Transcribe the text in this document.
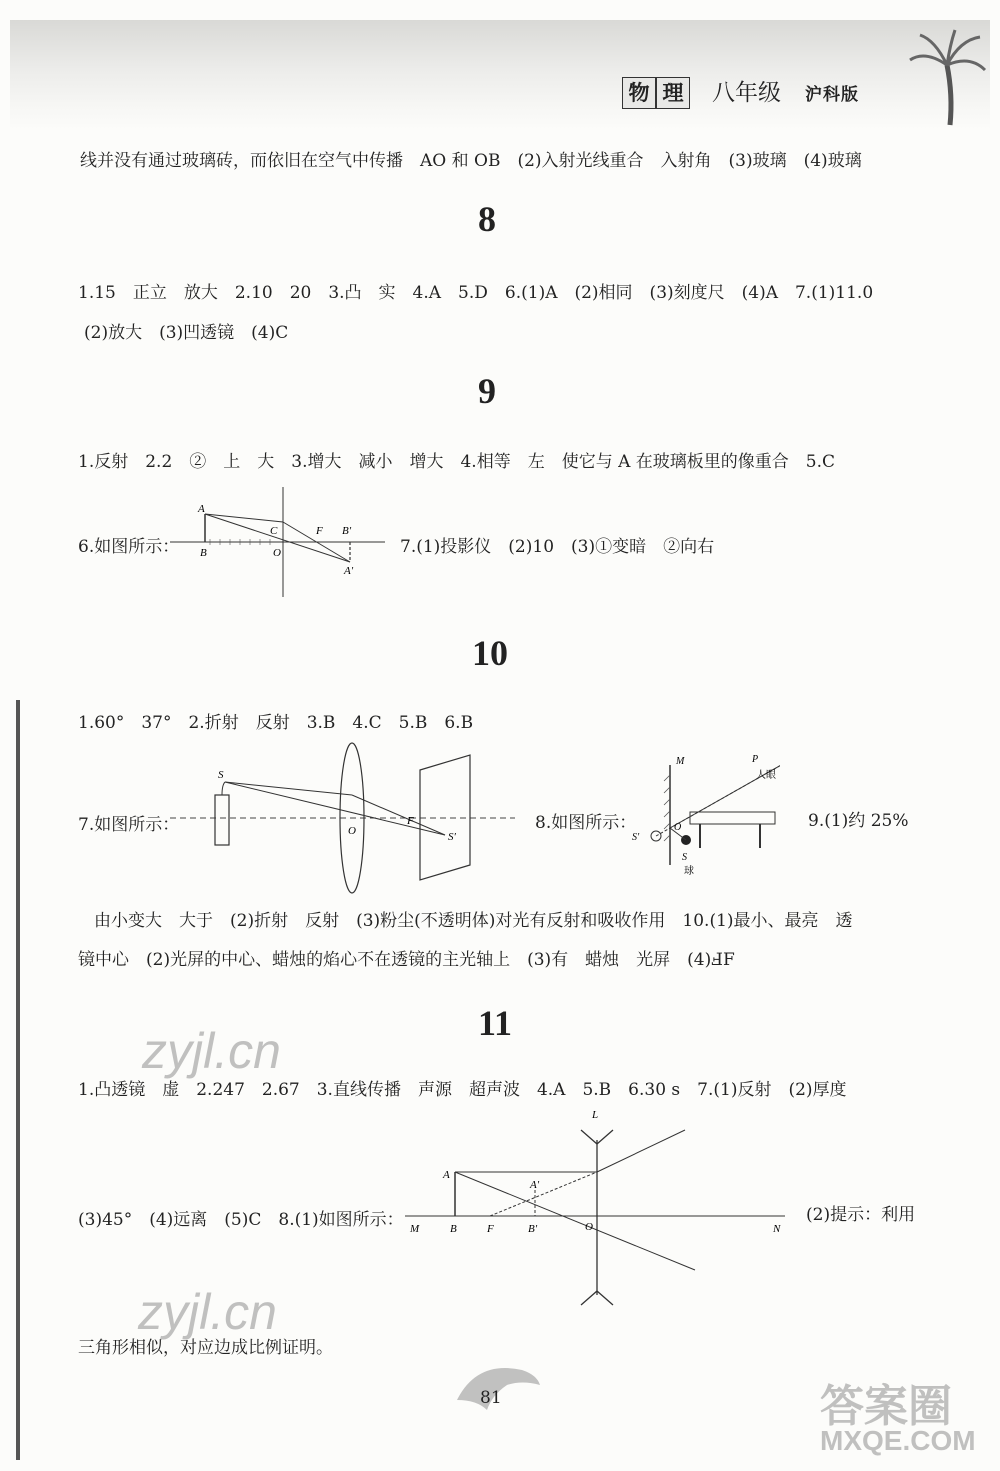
物 理 八年级 沪科版
线并没有通过玻璃砖，而依旧在空气中传播　AO 和 OB　(2)入射光线重合　入射角　(3)玻璃　(4)玻璃
8
1.15　正立　放大　2.10　20　3.凸　实　4.A　5.D　6.(1)A　(2)相同　(3)刻度尺　(4)A　7.(1)11.0
(2)放大　(3)凹透镜　(4)C
9
1.反射　2.2　②　上　大　3.增大　减小　增大　4.相等　左　使它与 A 在玻璃板里的像重合　5.C
6.如图所示：	7.(1)投影仪　(2)10　(3)①变暗　②向右
A
B
C
O
F B′
A′
10
1.60°　37°　2.折射　反射　3.B　4.C　5.B　6.B
7.如图所示：
S
F
O	S′
8.如图所示：
M	P
人眼
S′
O
S
球
9.(1)约 25%
由小变大　大于　(2)折射　反射　(3)粉尘(不透明体)对光有反射和吸收作用　10.(1)最小、最亮　透
镜中心　(2)光屏的中心、蜡烛的焰心不在透镜的主光轴上　(3)有　蜡烛　光屏　(4)ℲF
11
1.凸透镜　虚　2.247　2.67　3.直线传播　声源　超声波　4.A　5.B　6.30 s　7.(1)反射　(2)厚度
(3)45°　(4)远离　(5)C　8.(1)如图所示：	(2)提示：利用
L
A
A′
M	B	F	B′	O	N
三角形相似，对应边成比例证明。
81
zyjl.cn
zyjl.cn
MXQE.COM
答案圈
